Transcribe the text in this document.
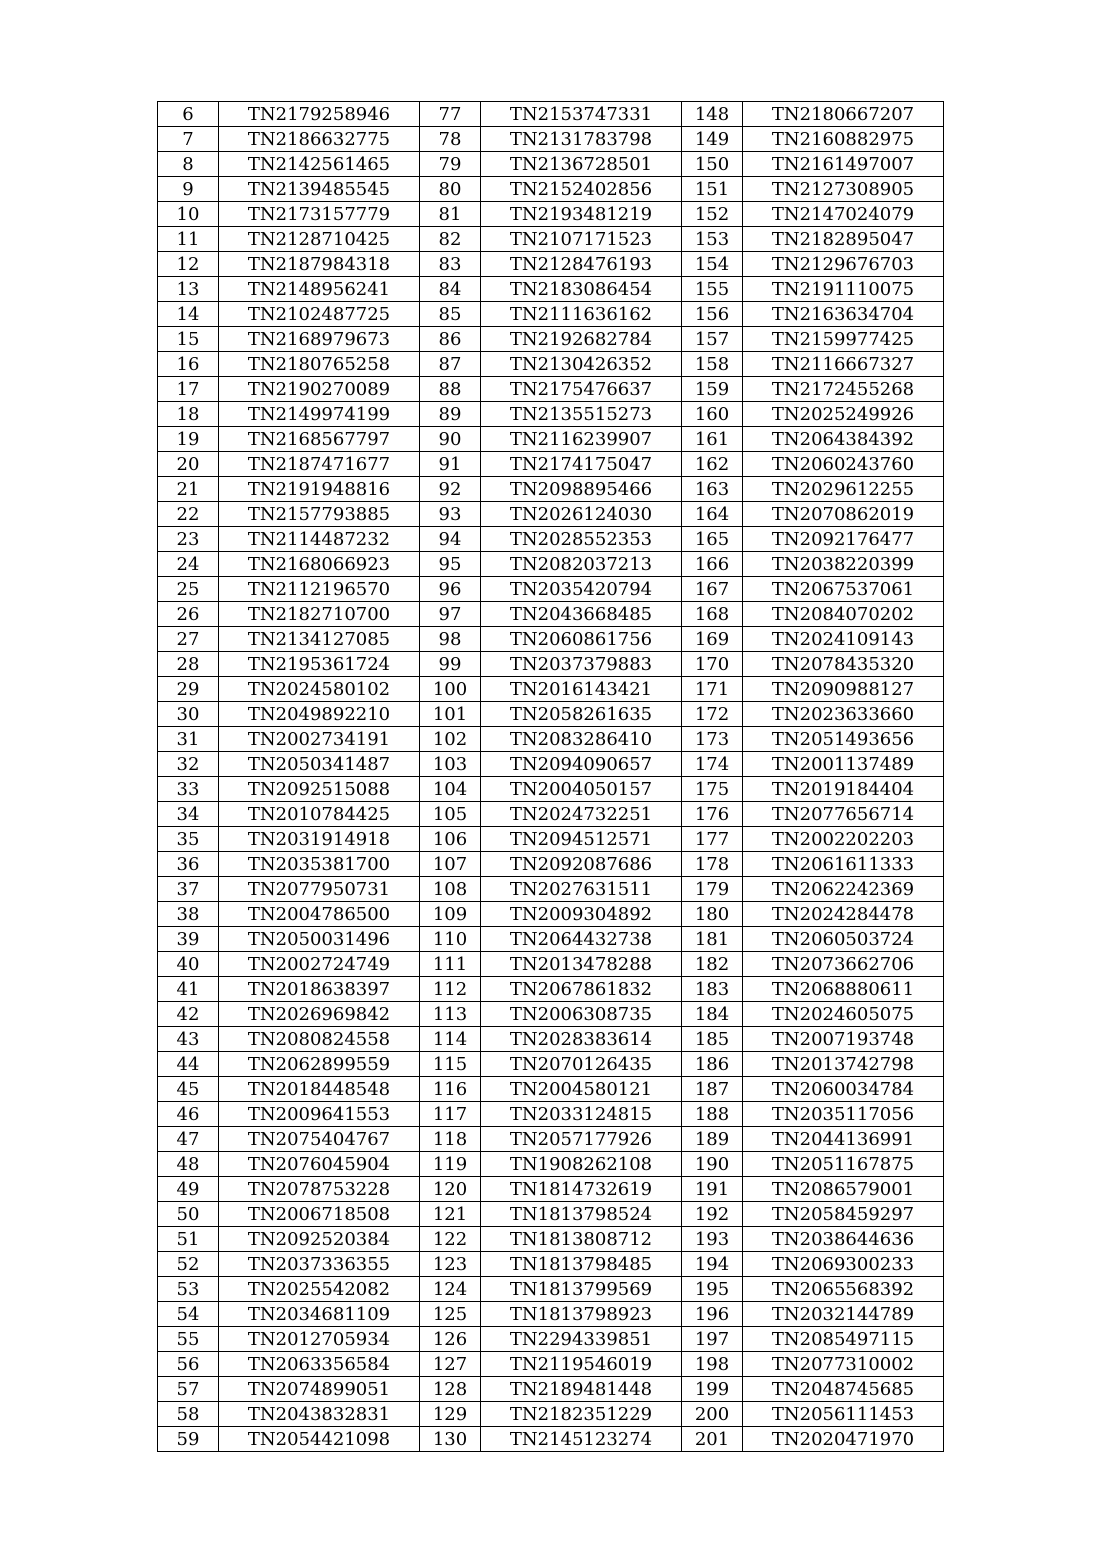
6	TN2179258946	77	TN2153747331	148	TN2180667207
7	TN2186632775	78	TN2131783798	149	TN2160882975
8	TN2142561465	79	TN2136728501	150	TN2161497007
9	TN2139485545	80	TN2152402856	151	TN2127308905
10	TN2173157779	81	TN2193481219	152	TN2147024079
11	TN2128710425	82	TN2107171523	153	TN2182895047
12	TN2187984318	83	TN2128476193	154	TN2129676703
13	TN2148956241	84	TN2183086454	155	TN2191110075
14	TN2102487725	85	TN2111636162	156	TN2163634704
15	TN2168979673	86	TN2192682784	157	TN2159977425
16	TN2180765258	87	TN2130426352	158	TN2116667327
17	TN2190270089	88	TN2175476637	159	TN2172455268
18	TN2149974199	89	TN2135515273	160	TN2025249926
19	TN2168567797	90	TN2116239907	161	TN2064384392
20	TN2187471677	91	TN2174175047	162	TN2060243760
21	TN2191948816	92	TN2098895466	163	TN2029612255
22	TN2157793885	93	TN2026124030	164	TN2070862019
23	TN2114487232	94	TN2028552353	165	TN2092176477
24	TN2168066923	95	TN2082037213	166	TN2038220399
25	TN2112196570	96	TN2035420794	167	TN2067537061
26	TN2182710700	97	TN2043668485	168	TN2084070202
27	TN2134127085	98	TN2060861756	169	TN2024109143
28	TN2195361724	99	TN2037379883	170	TN2078435320
29	TN2024580102	100	TN2016143421	171	TN2090988127
30	TN2049892210	101	TN2058261635	172	TN2023633660
31	TN2002734191	102	TN2083286410	173	TN2051493656
32	TN2050341487	103	TN2094090657	174	TN2001137489
33	TN2092515088	104	TN2004050157	175	TN2019184404
34	TN2010784425	105	TN2024732251	176	TN2077656714
35	TN2031914918	106	TN2094512571	177	TN2002202203
36	TN2035381700	107	TN2092087686	178	TN2061611333
37	TN2077950731	108	TN2027631511	179	TN2062242369
38	TN2004786500	109	TN2009304892	180	TN2024284478
39	TN2050031496	110	TN2064432738	181	TN2060503724
40	TN2002724749	111	TN2013478288	182	TN2073662706
41	TN2018638397	112	TN2067861832	183	TN2068880611
42	TN2026969842	113	TN2006308735	184	TN2024605075
43	TN2080824558	114	TN2028383614	185	TN2007193748
44	TN2062899559	115	TN2070126435	186	TN2013742798
45	TN2018448548	116	TN2004580121	187	TN2060034784
46	TN2009641553	117	TN2033124815	188	TN2035117056
47	TN2075404767	118	TN2057177926	189	TN2044136991
48	TN2076045904	119	TN1908262108	190	TN2051167875
49	TN2078753228	120	TN1814732619	191	TN2086579001
50	TN2006718508	121	TN1813798524	192	TN2058459297
51	TN2092520384	122	TN1813808712	193	TN2038644636
52	TN2037336355	123	TN1813798485	194	TN2069300233
53	TN2025542082	124	TN1813799569	195	TN2065568392
54	TN2034681109	125	TN1813798923	196	TN2032144789
55	TN2012705934	126	TN2294339851	197	TN2085497115
56	TN2063356584	127	TN2119546019	198	TN2077310002
57	TN2074899051	128	TN2189481448	199	TN2048745685
58	TN2043832831	129	TN2182351229	200	TN2056111453
59	TN2054421098	130	TN2145123274	201	TN2020471970
